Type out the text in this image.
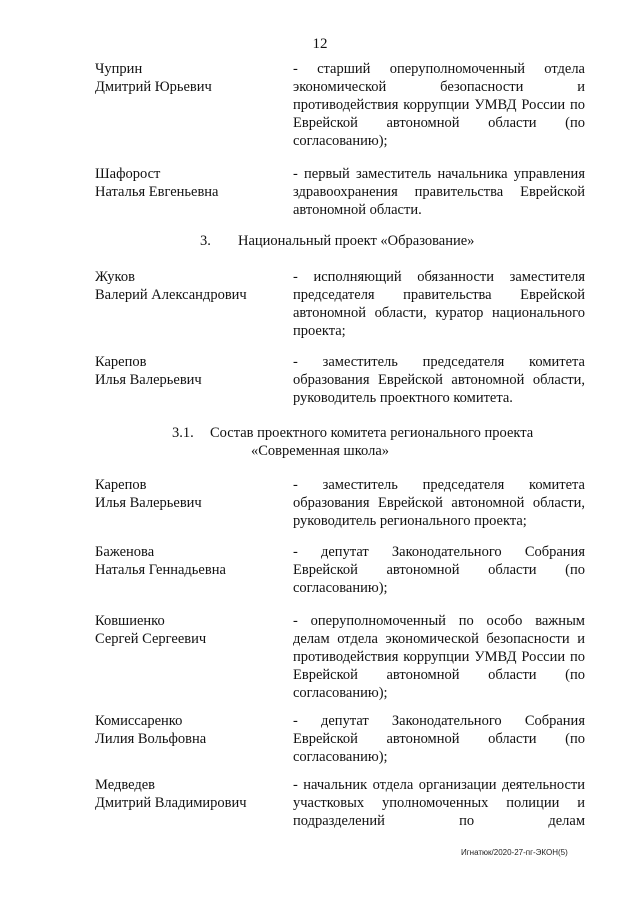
12
Чуприн
Дмитрий Юрьевич
- старший оперуполномоченный отдела экономической безопасности и противодействия коррупции УМВД России по Еврейской автономной области (по согласованию);
Шафорост
Наталья Евгеньевна
- первый заместитель начальника управления здравоохранения правительства Еврейской автономной области.
3. Национальный проект «Образование»
Жуков
Валерий Александрович
- исполняющий обязанности заместителя председателя правительства Еврейской автономной области, куратор национального проекта;
Карепов
Илья Валерьевич
- заместитель председателя комитета образования Еврейской автономной области, руководитель проектного комитета.
3.1. Состав проектного комитета регионального проекта
«Современная школа»
Карепов
Илья Валерьевич
- заместитель председателя комитета образования Еврейской автономной области, руководитель регионального проекта;
Баженова
Наталья Геннадьевна
- депутат Законодательного Собрания Еврейской автономной области (по согласованию);
Ковшиенко
Сергей Сергеевич
- оперуполномоченный по особо важным делам отдела экономической безопасности и противодействия коррупции УМВД России по Еврейской автономной области (по согласованию);
Комиссаренко
Лилия Вольфовна
- депутат Законодательного Собрания Еврейской автономной области (по согласованию);
Медведев
Дмитрий Владимирович
- начальник отдела организации деятельности участковых уполномоченных полиции и подразделений по делам
Игнатюк/2020-27-пг-ЭКОН(5)
